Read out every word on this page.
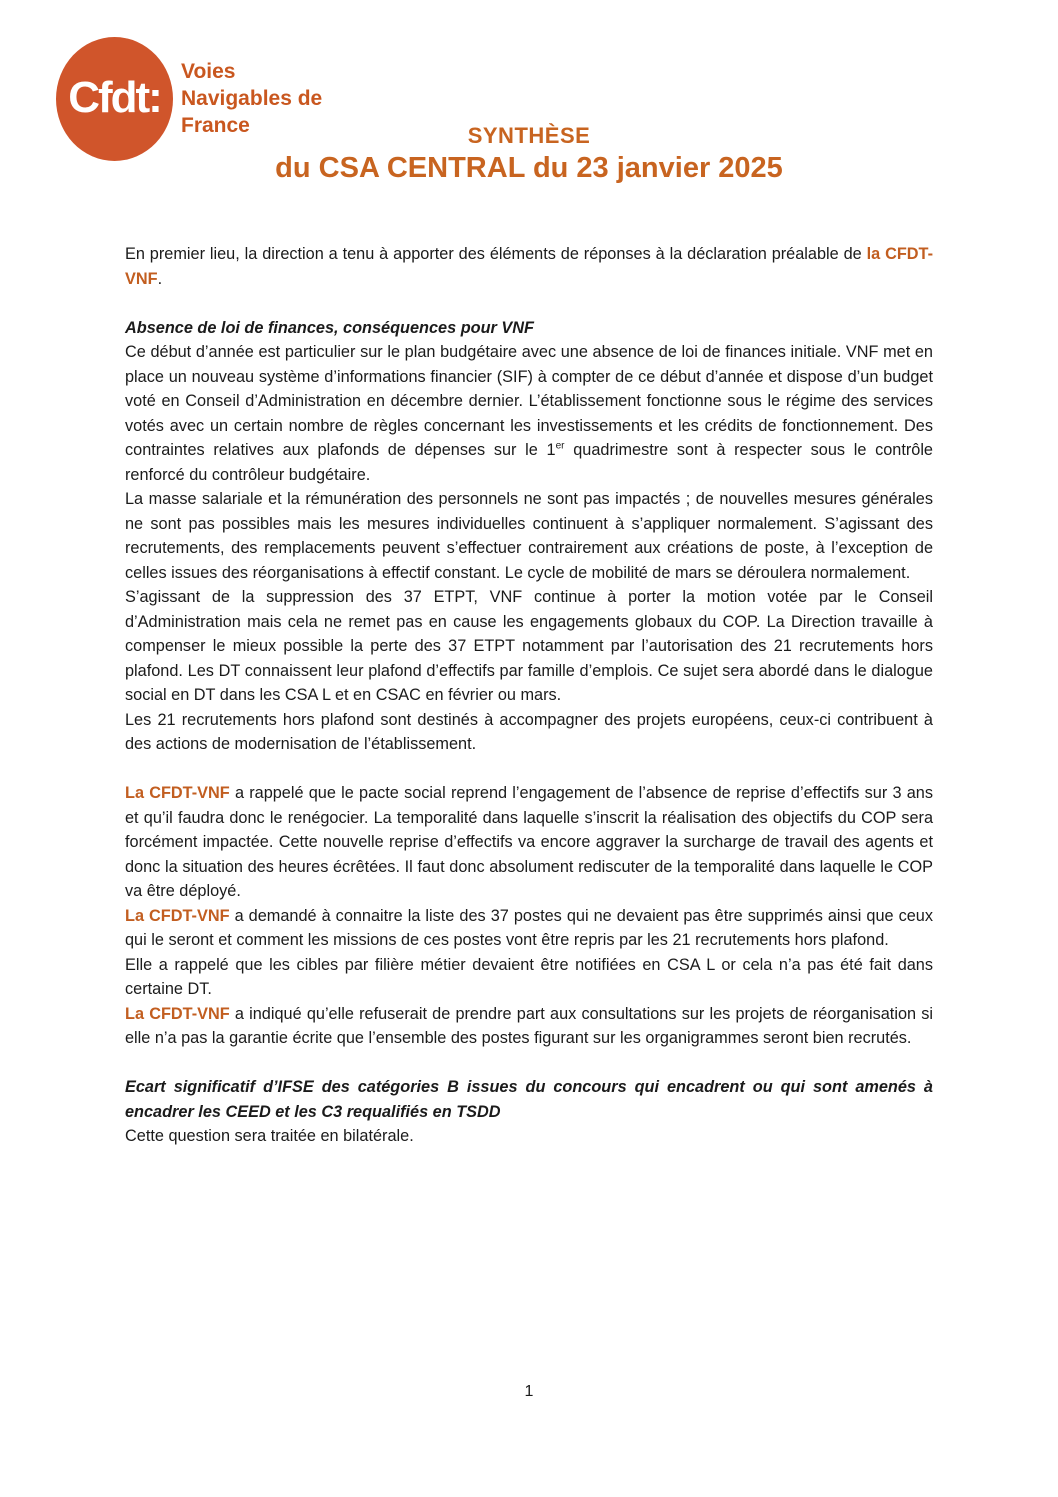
Cfdt:
Voies
Navigables de
France	SYNTHÈSE
du CSA CENTRAL du 23 janvier 2025
En premier lieu, la direction a tenu à apporter des éléments de réponses à la déclaration préalable de la CFDT-VNF.
Absence de loi de finances, conséquences pour VNF
Ce début d’année est particulier sur le plan budgétaire avec une absence de loi de finances initiale. VNF met en place un nouveau système d’informations financier (SIF) à compter de ce début d’année et dispose d’un budget voté en Conseil d’Administration en décembre dernier. L’établissement fonctionne sous le régime des services votés avec un certain nombre de règles concernant les investissements et les crédits de fonctionnement. Des contraintes relatives aux plafonds de dépenses sur le 1er quadrimestre sont à respecter sous le contrôle renforcé du contrôleur budgétaire.
La masse salariale et la rémunération des personnels ne sont pas impactés ; de nouvelles mesures générales ne sont pas possibles mais les mesures individuelles continuent à s’appliquer normalement. S’agissant des recrutements, des remplacements peuvent s’effectuer contrairement aux créations de poste, à l’exception de celles issues des réorganisations à effectif constant. Le cycle de mobilité de mars se déroulera normalement.
S’agissant de la suppression des 37 ETPT, VNF continue à porter la motion votée par le Conseil d’Administration mais cela ne remet pas en cause les engagements globaux du COP. La Direction travaille à compenser le mieux possible la perte des 37 ETPT notamment par l’autorisation des 21 recrutements hors plafond. Les DT connaissent leur plafond d’effectifs par famille d’emplois. Ce sujet sera abordé dans le dialogue social en DT dans les CSA L et en CSAC en février ou mars.
Les 21 recrutements hors plafond sont destinés à accompagner des projets européens, ceux-ci contribuent à des actions de modernisation de l’établissement.
La CFDT-VNF a rappelé que le pacte social reprend l’engagement de l’absence de reprise d’effectifs sur 3 ans et qu’il faudra donc le renégocier. La temporalité dans laquelle s’inscrit la réalisation des objectifs du COP sera forcément impactée. Cette nouvelle reprise d’effectifs va encore aggraver la surcharge de travail des agents et donc la situation des heures écrêtées. Il faut donc absolument rediscuter de la temporalité dans laquelle le COP va être déployé.
La CFDT-VNF a demandé à connaitre la liste des 37 postes qui ne devaient pas être supprimés ainsi que ceux qui le seront et comment les missions de ces postes vont être repris par les 21 recrutements hors plafond.
Elle a rappelé que les cibles par filière métier devaient être notifiées en CSA L or cela n’a pas été fait dans certaine DT.
La CFDT-VNF a indiqué qu’elle refuserait de prendre part aux consultations sur les projets de réorganisation si elle n’a pas la garantie écrite que l’ensemble des postes figurant sur les organigrammes seront bien recrutés.
Ecart significatif d’IFSE des catégories B issues du concours qui encadrent ou qui sont amenés à encadrer les CEED et les C3 requalifiés en TSDD
Cette question sera traitée en bilatérale.
1
